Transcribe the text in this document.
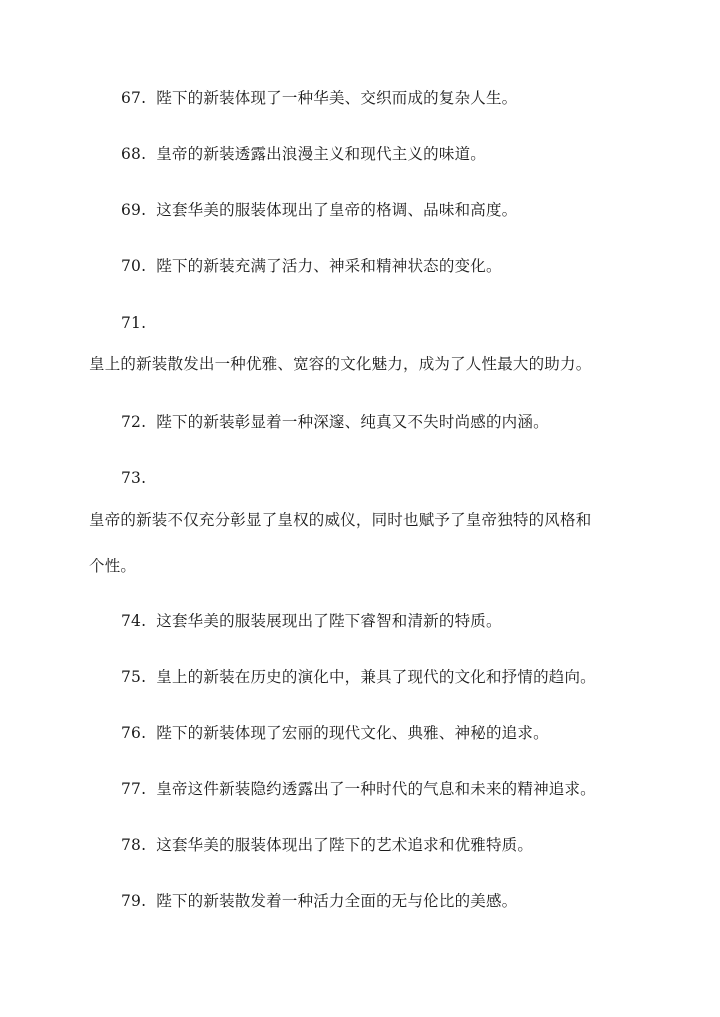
67. 陛下的新装体现了一种华美、交织而成的复杂人生。
68. 皇帝的新装透露出浪漫主义和现代主义的味道。
69. 这套华美的服装体现出了皇帝的格调、品味和高度。
70. 陛下的新装充满了活力、神采和精神状态的变化。
71.
皇上的新装散发出一种优雅、宽容的文化魅力，成为了人性最大的助力。
72. 陛下的新装彰显着一种深邃、纯真又不失时尚感的内涵。
73.
皇帝的新装不仅充分彰显了皇权的威仪，同时也赋予了皇帝独特的风格和
个性。
74. 这套华美的服装展现出了陛下睿智和清新的特质。
75. 皇上的新装在历史的演化中，兼具了现代的文化和抒情的趋向。
76. 陛下的新装体现了宏丽的现代文化、典雅、神秘的追求。
77. 皇帝这件新装隐约透露出了一种时代的气息和未来的精神追求。
78. 这套华美的服装体现出了陛下的艺术追求和优雅特质。
79. 陛下的新装散发着一种活力全面的无与伦比的美感。
